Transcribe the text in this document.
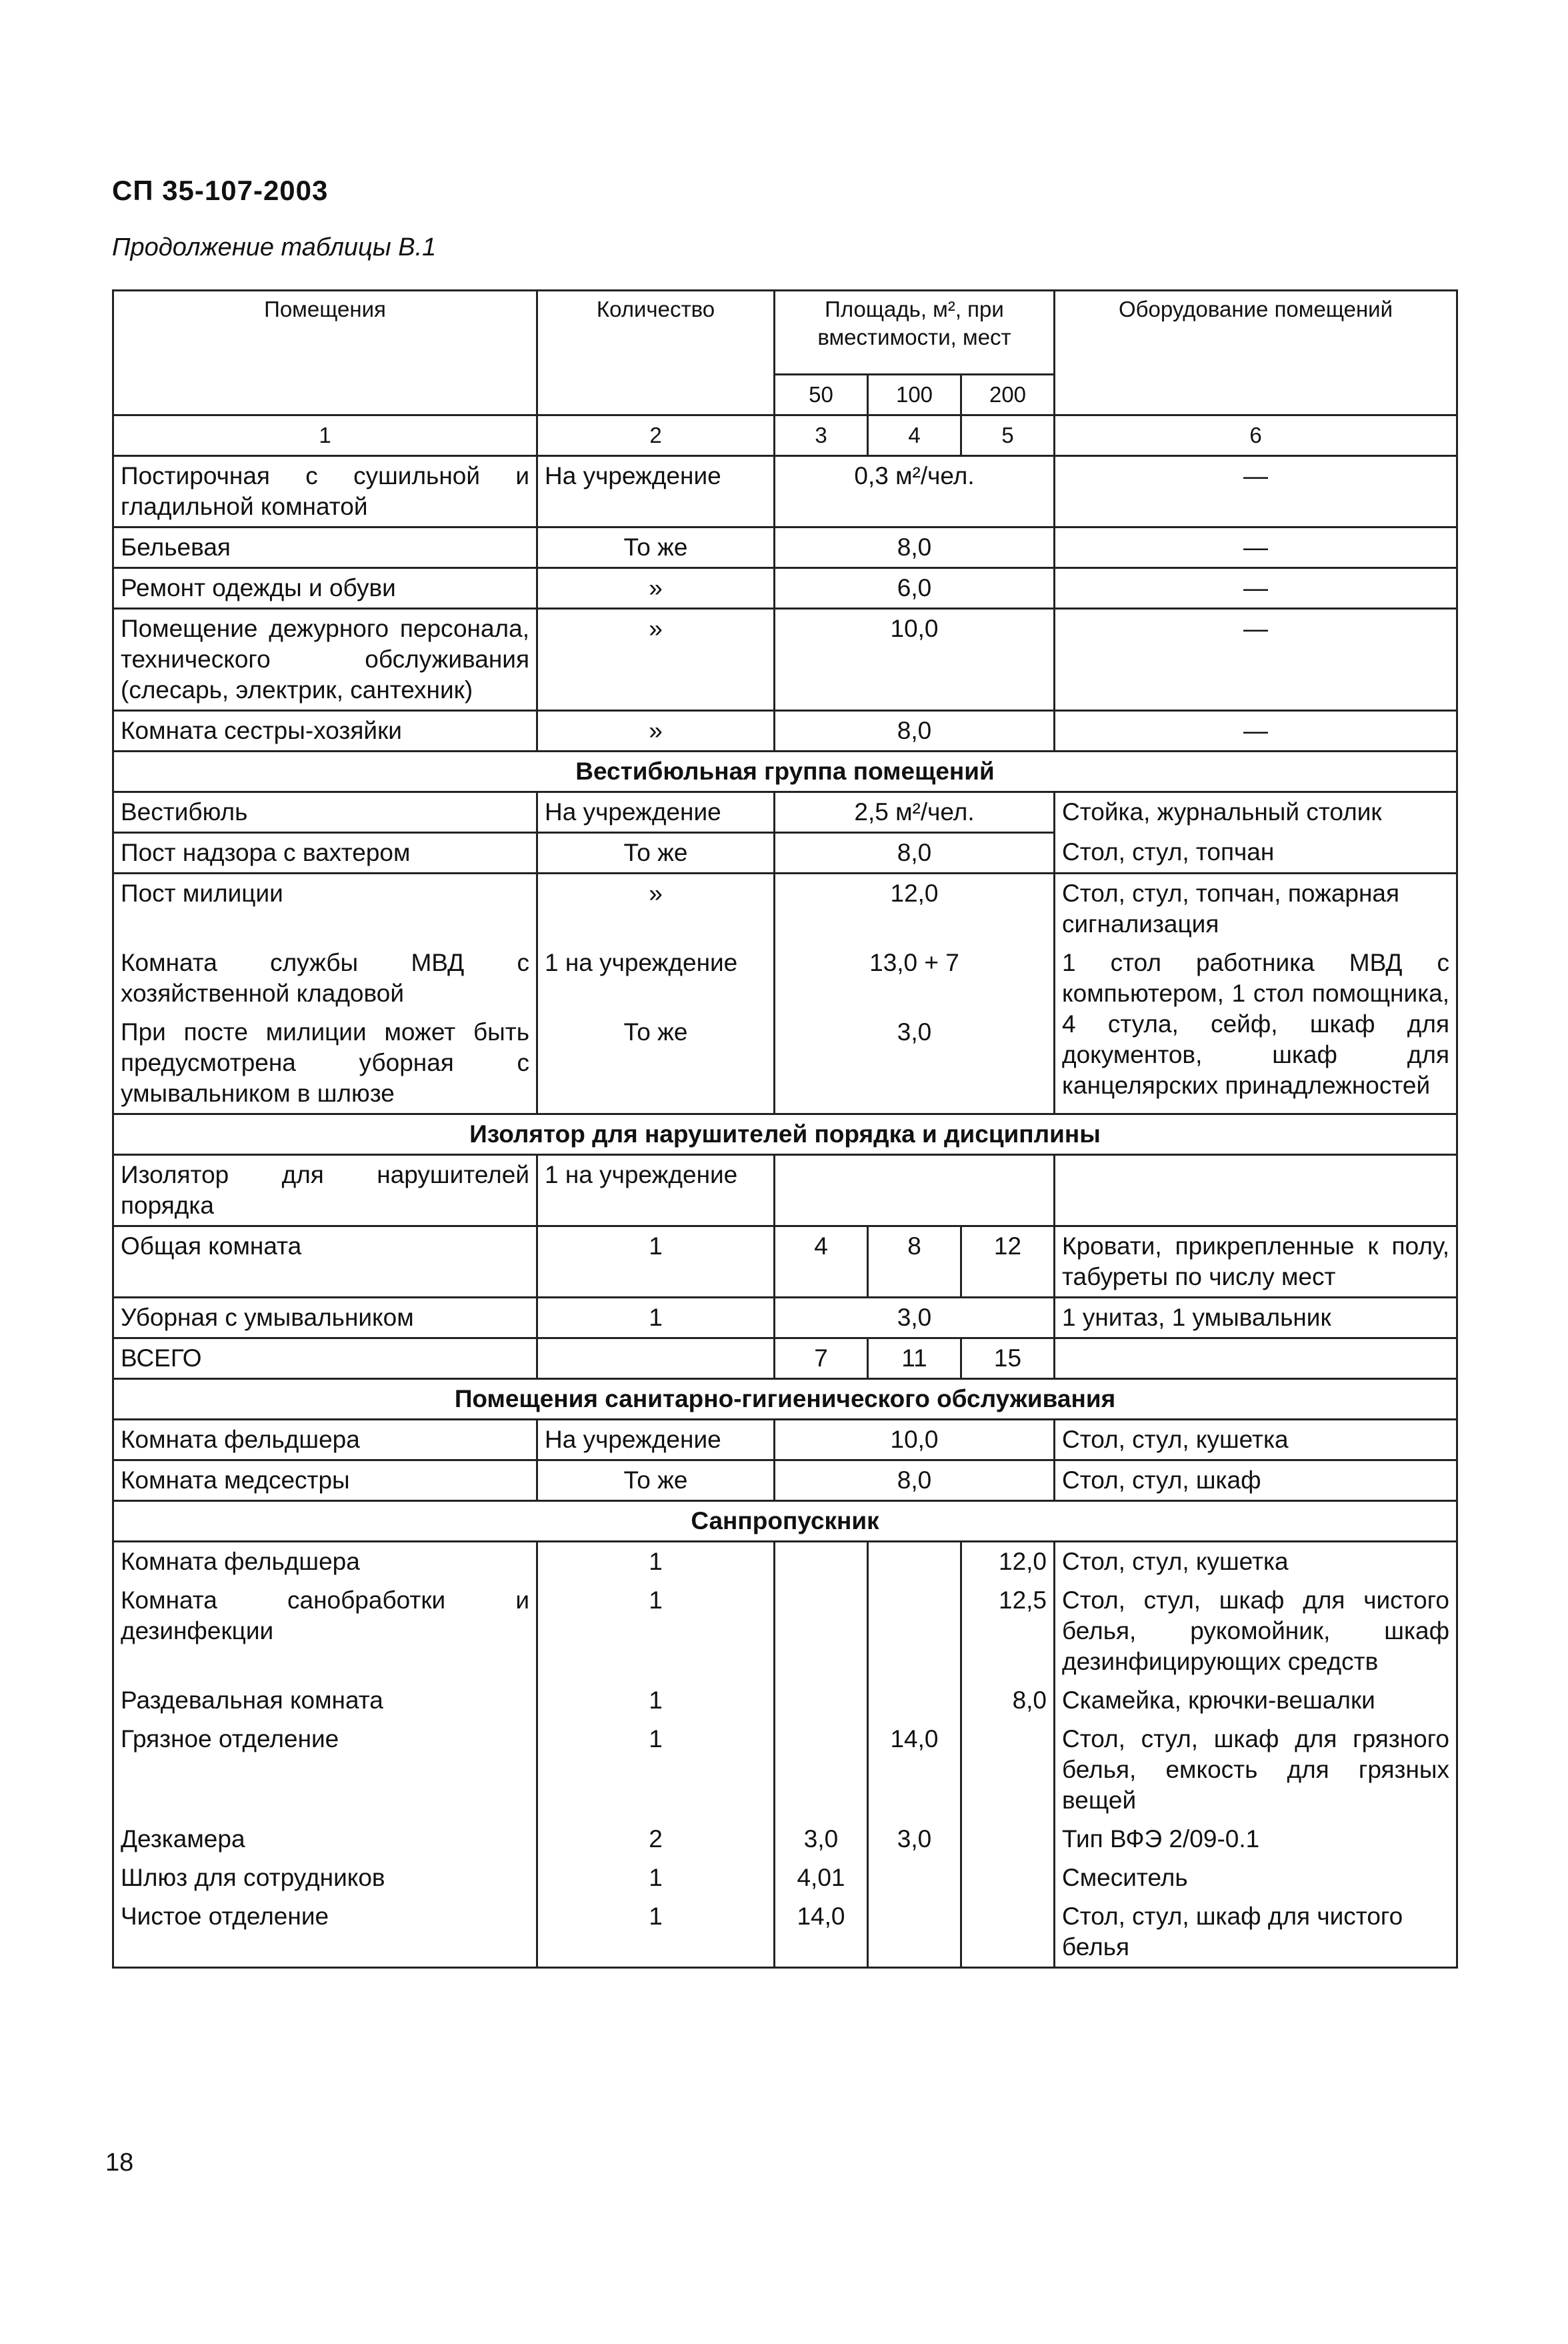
СП 35-107-2003
Продолжение таблицы В.1
Помещения	Количество	Площадь, м², при вместимости, мест			Оборудование помещений
		50	100	200	
1	2	3	4	5	6
Постирочная с сушильной и гладильной комнатой	На учреждение	0,3 м²/чел.			—
Бельевая	То же	8,0			—
Ремонт одежды и обуви	»	6,0			—
Помещение дежурного персонала, технического обслуживания (слесарь, электрик, сантехник)	»	10,0			—
Комната сестры-хозяйки	»	8,0			—
Вестибюльная группа помещений					
Вестибюль	На учреждение	2,5 м²/чел.			Стойка, журнальный столик
Пост надзора с вахтером	То же	8,0			Стол, стул, топчан
Пост милиции	»	12,0			Стол, стул, топчан, пожарная сигнализация
Комната службы МВД с хозяйственной кладовой	1 на учреждение	13,0 + 7			1 стол работника МВД с компьютером, 1 стол помощника, 4 стула, сейф, шкаф для документов, шкаф для канцелярских принадлежностей
При посте милиции может быть предусмотрена уборная с умывальником в шлюзе	То же	3,0			
Изолятор для нарушителей порядка и дисциплины					
Изолятор для нарушителей порядка	1 на учреждение				
Общая комната	1	4	8	12	Кровати, прикрепленные к полу, табуреты по числу мест
Уборная с умывальником	1	3,0			1 унитаз, 1 умывальник
ВСЕГО		7	11	15	
Помещения санитарно-гигиенического обслуживания					
Комната фельдшера	На учреждение	10,0			Стол, стул, кушетка
Комната медсестры	То же	8,0			Стол, стул, шкаф
Санпропускник					
Комната фельдшера	1			12,0	Стол, стул, кушетка
Комната санобработки и дезинфекции	1			12,5	Стол, стул, шкаф для чистого белья, рукомойник, шкаф дезинфицирующих средств
Раздевальная комната	1			8,0	Скамейка, крючки-вешалки
Грязное отделение	1		14,0		Стол, стул, шкаф для грязного белья, емкость для грязных вещей
Дезкамера	2	3,0	3,0		Тип ВФЭ 2/09-0.1
Шлюз для сотрудников	1	4,01			Смеситель
Чистое отделение	1	14,0			Стол, стул, шкаф для чистого белья
18
